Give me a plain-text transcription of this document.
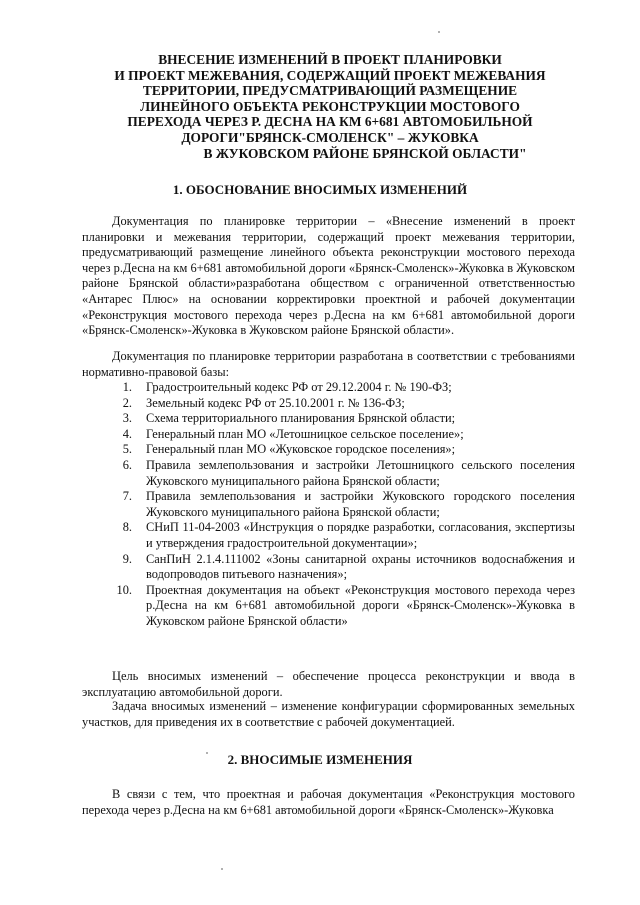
ВНЕСЕНИЕ ИЗМЕНЕНИЙ В ПРОЕКТ ПЛАНИРОВКИ
И ПРОЕКТ МЕЖЕВАНИЯ, СОДЕРЖАЩИЙ ПРОЕКТ МЕЖЕВАНИЯ
ТЕРРИТОРИИ, ПРЕДУСМАТРИВАЮЩИЙ РАЗМЕЩЕНИЕ
ЛИНЕЙНОГО ОБЪЕКТА РЕКОНСТРУКЦИИ МОСТОВОГО
ПЕРЕХОДА ЧЕРЕЗ Р. ДЕСНА НА КМ 6+681 АВТОМОБИЛЬНОЙ
ДОРОГИ"БРЯНСК-СМОЛЕНСК" – ЖУКОВКА
В ЖУКОВСКОМ РАЙОНЕ БРЯНСКОЙ ОБЛАСТИ"
1. ОБОСНОВАНИЕ ВНОСИМЫХ ИЗМЕНЕНИЙ

Документация по планировке территории – «Внесение изменений в проект планировки и межевания территории, содержащий проект межевания территории, предусматривающий размещение линейного объекта реконструкции мостового перехода через р.Десна на км 6+681 автомобильной дороги «Брянск-Смоленск»-Жуковка в Жуковском районе Брянской области»разработана обществом с ограниченной ответственностью «Антарес Плюс» на основании корректировки проектной и рабочей документации «Реконструкция мостового перехода через р.Десна на км 6+681 автомобильной дороги «Брянск-Смоленск»-Жуковка в Жуковском районе Брянской области».

Документация по планировке территории разработана в соответствии с требованиями нормативно-правовой базы:

1. Градостроительный кодекс РФ от 29.12.2004 г. № 190-ФЗ;
2. Земельный кодекс РФ от 25.10.2001 г. № 136-ФЗ;
3. Схема территориального планирования Брянской области;
4. Генеральный план МО «Летошницкое сельское поселение»;
5. Генеральный план МО «Жуковское городское поселения»;
6. Правила землепользования и застройки Летошницкого сельского поселения Жуковского муниципального района Брянской области;
7. Правила землепользования и застройки Жуковского городского поселения Жуковского муниципального района Брянской области;
8. СНиП 11-04-2003 «Инструкция о порядке разработки, согласования, экспертизы и утверждения градостроительной документации»;
9. СанПиН 2.1.4.111002 «Зоны санитарной охраны источников водоснабжения и водопроводов питьевого назначения»;
10. Проектная документация на объект «Реконструкция мостового перехода через р.Десна на км 6+681 автомобильной дороги «Брянск-Смоленск»-Жуковка в Жуковском районе Брянской области»

Цель вносимых изменений – обеспечение процесса реконструкции и ввода в эксплуатацию автомобильной дороги.

Задача вносимых изменений – изменение конфигурации сформированных земельных участков, для приведения их в соответствие с рабочей документацией.

2. ВНОСИМЫЕ ИЗМЕНЕНИЯ

В связи с тем, что проектная и рабочая документация «Реконструкция мостового перехода через р.Десна на км 6+681 автомобильной дороги «Брянск-Смоленск»-Жуковка
